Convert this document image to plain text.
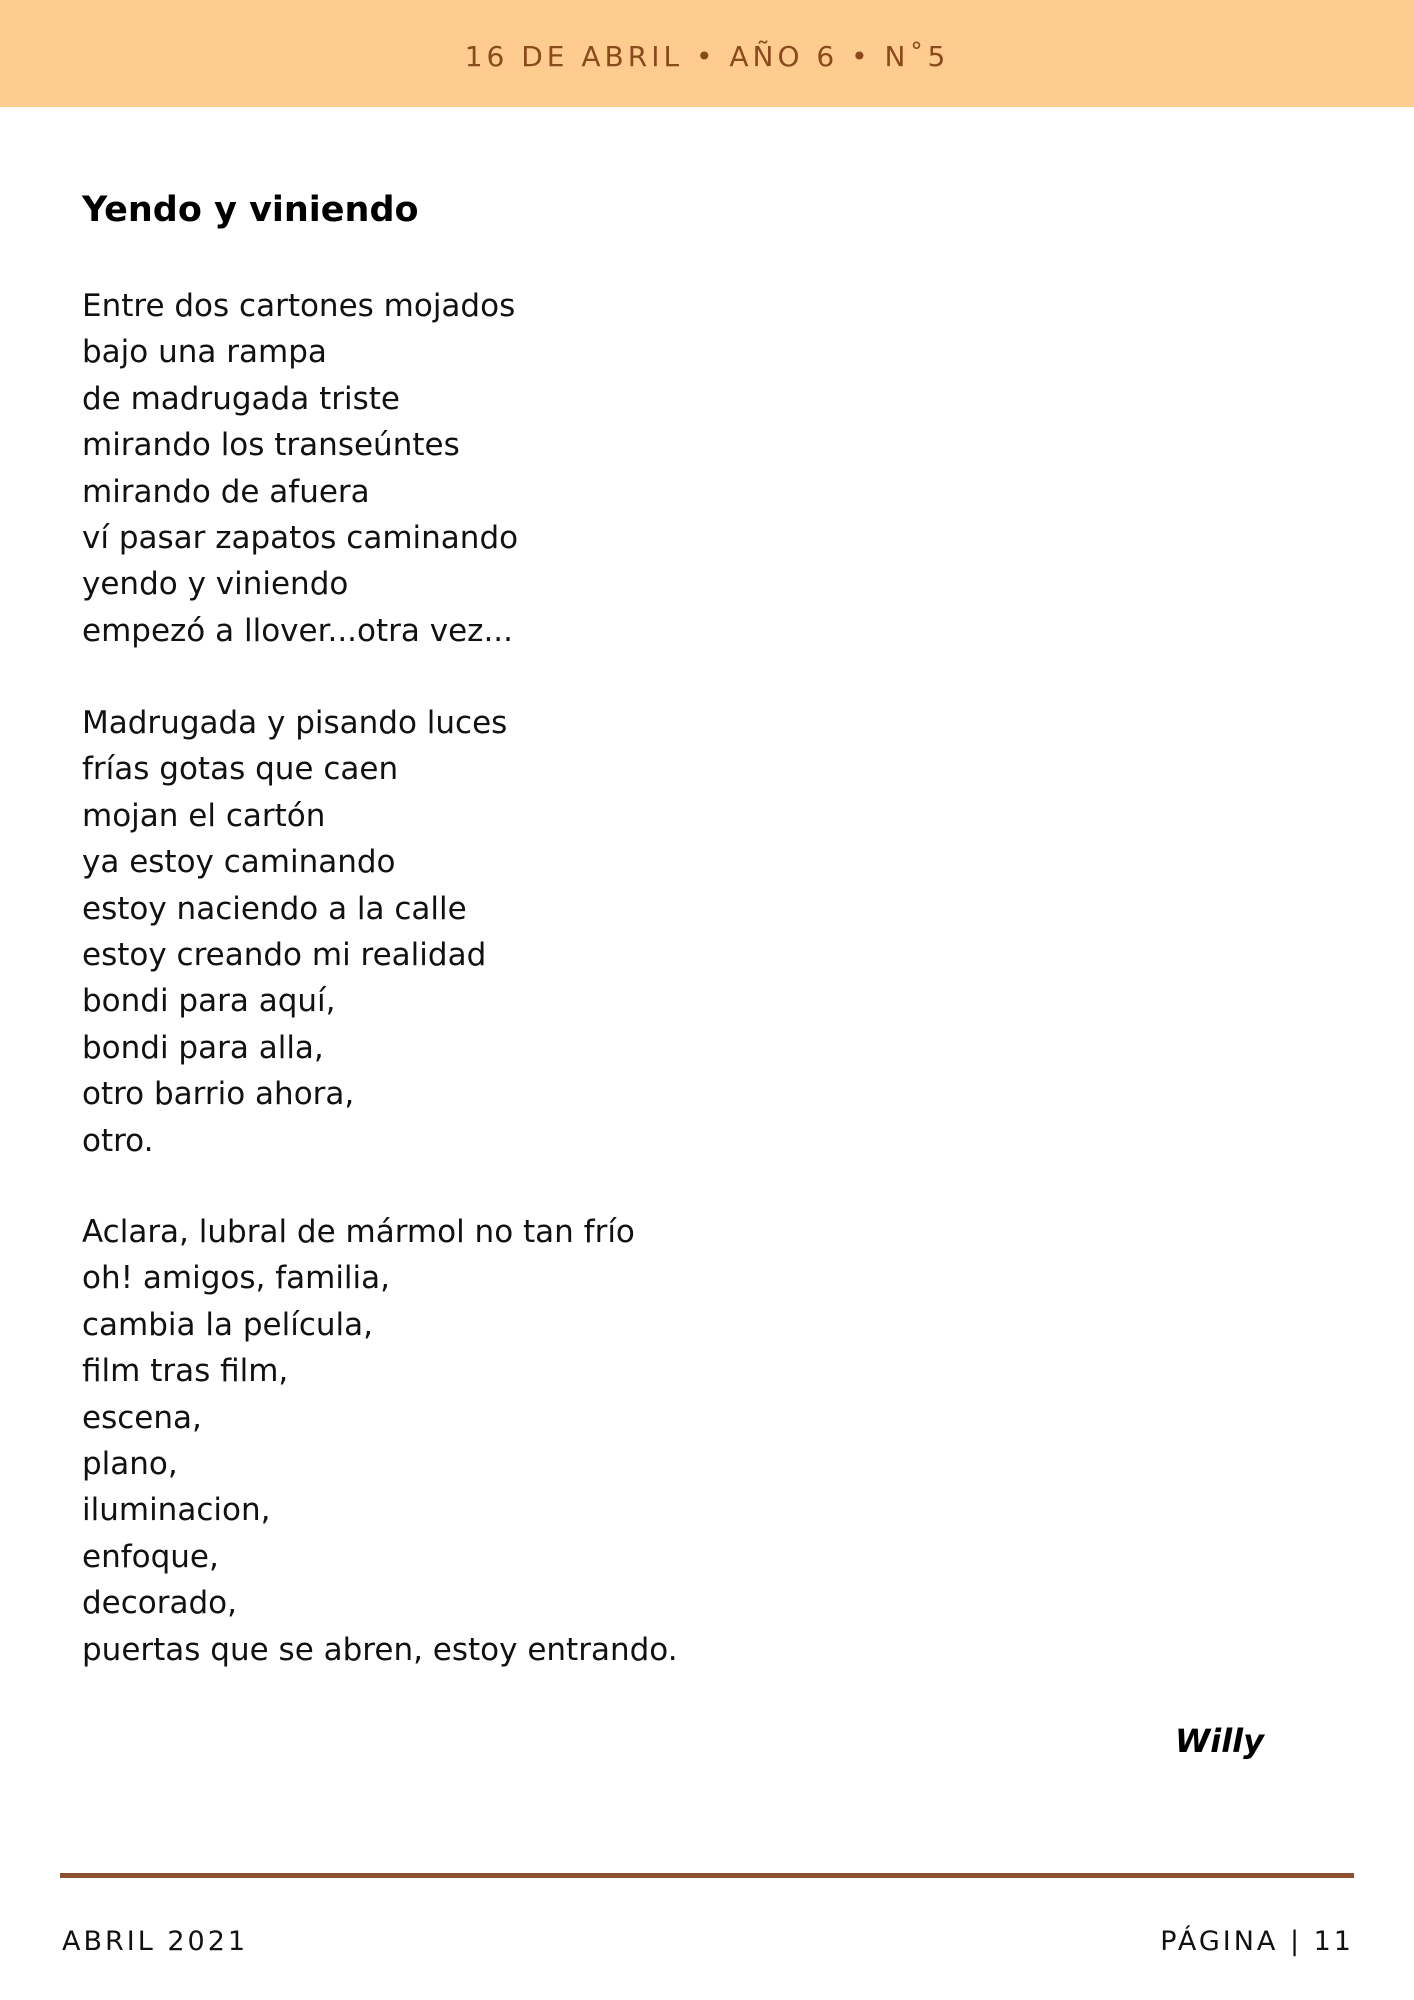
16 DE ABRIL • AÑO 6 • N˚5
Yendo y viniendo
Entre dos cartones mojados
bajo una rampa
de madrugada triste
mirando los transeúntes
mirando de afuera
ví pasar zapatos caminando
yendo y viniendo
empezó a llover...otra vez...
Madrugada y pisando luces
frías gotas que caen
mojan el cartón
ya estoy caminando
estoy naciendo a la calle
estoy creando mi realidad
bondi para aquí,
bondi para alla,
otro barrio ahora,
otro.
Aclara, lubral de mármol no tan frío
oh! amigos, familia,
cambia la película,
film tras film,
escena,
plano,
iluminacion,
enfoque,
decorado,
puertas que se abren, estoy entrando.
Willy
ABRIL 2021	PÁGINA | 11
